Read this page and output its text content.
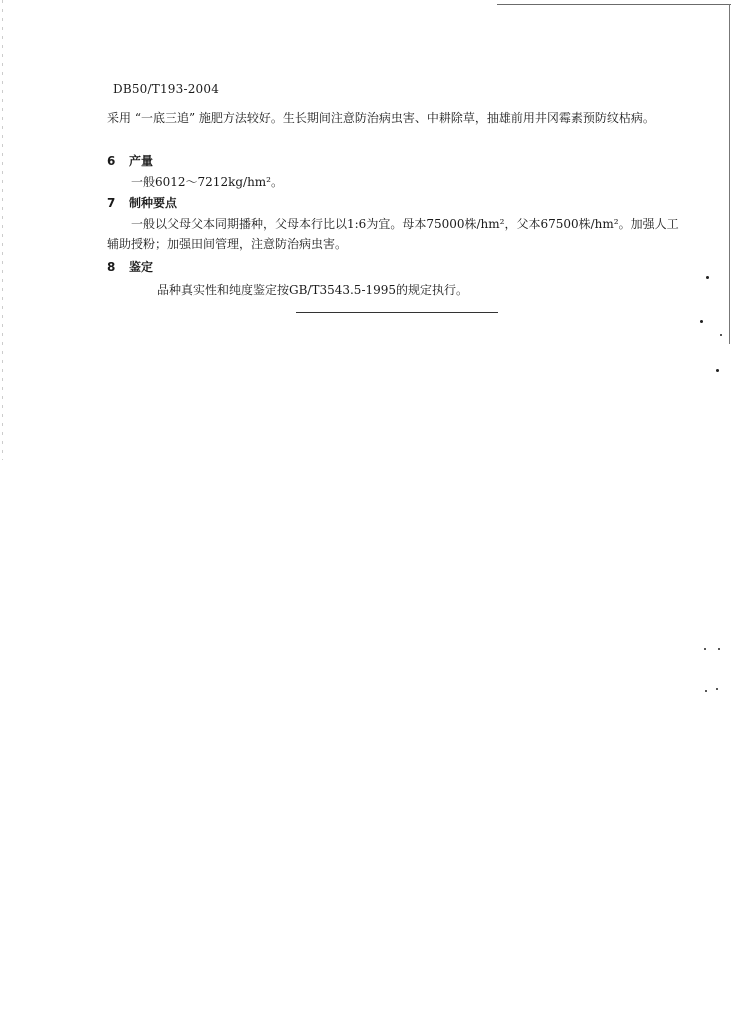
DB50/T193-2004
采用 “一底三追” 施肥方法较好。生长期间注意防治病虫害、中耕除草，抽雄前用井冈霉素预防纹枯病。
6 产量
一般6012～7212kg/hm²。
7 制种要点
一般以父母父本同期播种，父母本行比以1:6为宜。母本75000株/hm²，父本67500株/hm²。加强人工辅助授粉；加强田间管理，注意防治病虫害。
8 鉴定
品种真实性和纯度鉴定按GB/T3543.5-1995的规定执行。
